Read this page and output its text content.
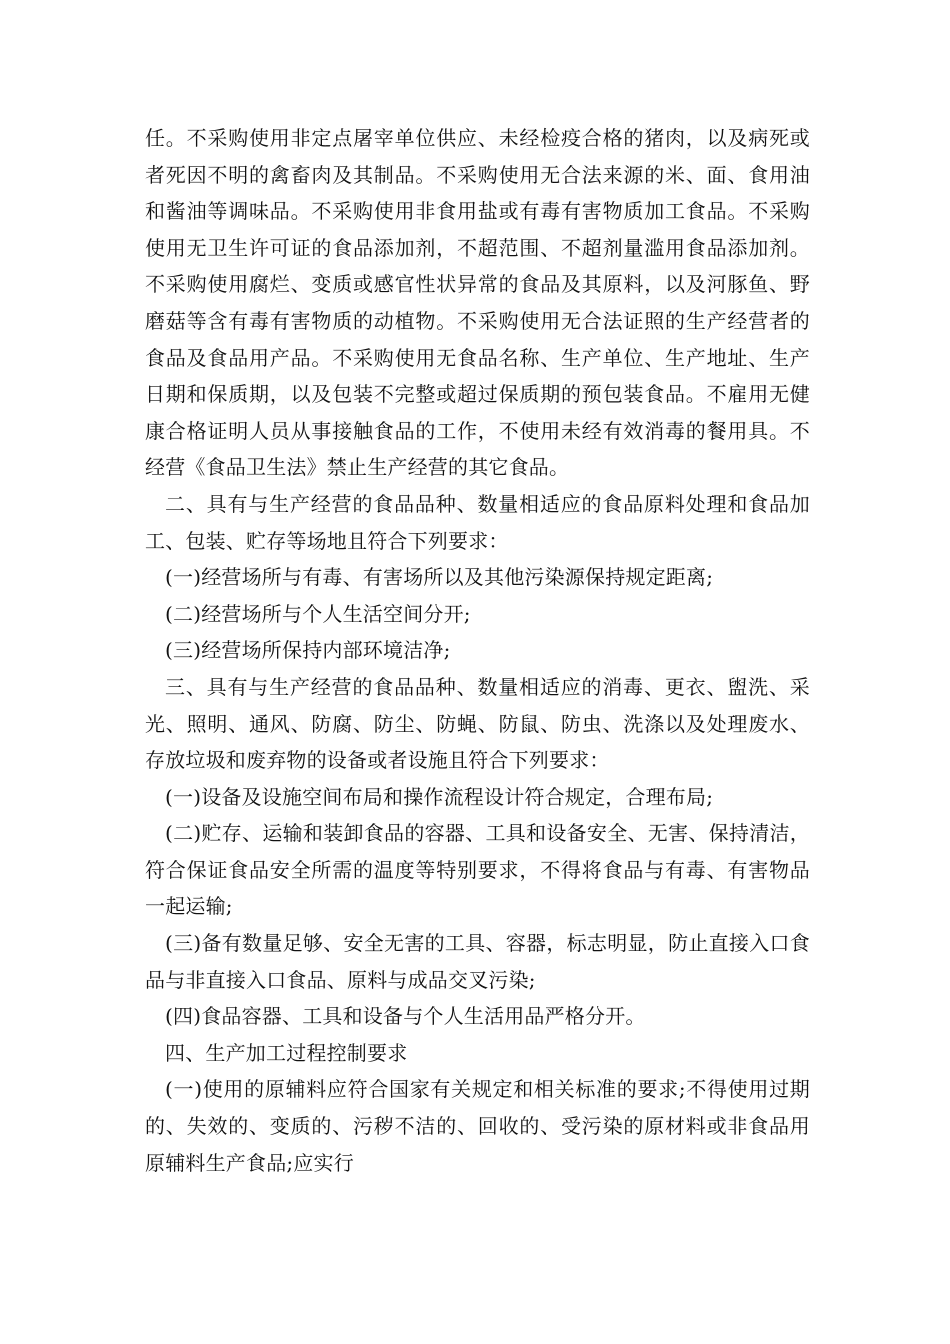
任。不采购使用非定点屠宰单位供应、未经检疫合格的猪肉，以及病死或者死因不明的禽畜肉及其制品。不采购使用无合法来源的米、面、食用油和酱油等调味品。不采购使用非食用盐或有毒有害物质加工食品。不采购使用无卫生许可证的食品添加剂，不超范围、不超剂量滥用食品添加剂。不采购使用腐烂、变质或感官性状异常的食品及其原料，以及河豚鱼、野磨菇等含有毒有害物质的动植物。不采购使用无合法证照的生产经营者的食品及食品用产品。不采购使用无食品名称、生产单位、生产地址、生产日期和保质期，以及包装不完整或超过保质期的预包装食品。不雇用无健康合格证明人员从事接触食品的工作，不使用未经有效消毒的餐用具。不经营《食品卫生法》禁止生产经营的其它食品。

二、具有与生产经营的食品品种、数量相适应的食品原料处理和食品加工、包装、贮存等场地且符合下列要求：

(一)经营场所与有毒、有害场所以及其他污染源保持规定距离;

(二)经营场所与个人生活空间分开;

(三)经营场所保持内部环境洁净;

三、具有与生产经营的食品品种、数量相适应的消毒、更衣、盥洗、采光、照明、通风、防腐、防尘、防蝇、防鼠、防虫、洗涤以及处理废水、存放垃圾和废弃物的设备或者设施且符合下列要求：

(一)设备及设施空间布局和操作流程设计符合规定，合理布局;

(二)贮存、运输和装卸食品的容器、工具和设备安全、无害、保持清洁，符合保证食品安全所需的温度等特别要求，不得将食品与有毒、有害物品一起运输;

(三)备有数量足够、安全无害的工具、容器，标志明显，防止直接入口食品与非直接入口食品、原料与成品交叉污染;

(四)食品容器、工具和设备与个人生活用品严格分开。

四、生产加工过程控制要求

(一)使用的原辅料应符合国家有关规定和相关标准的要求;不得使用过期的、失效的、变质的、污秽不洁的、回收的、受污染的原材料或非食品用原辅料生产食品;应实行
